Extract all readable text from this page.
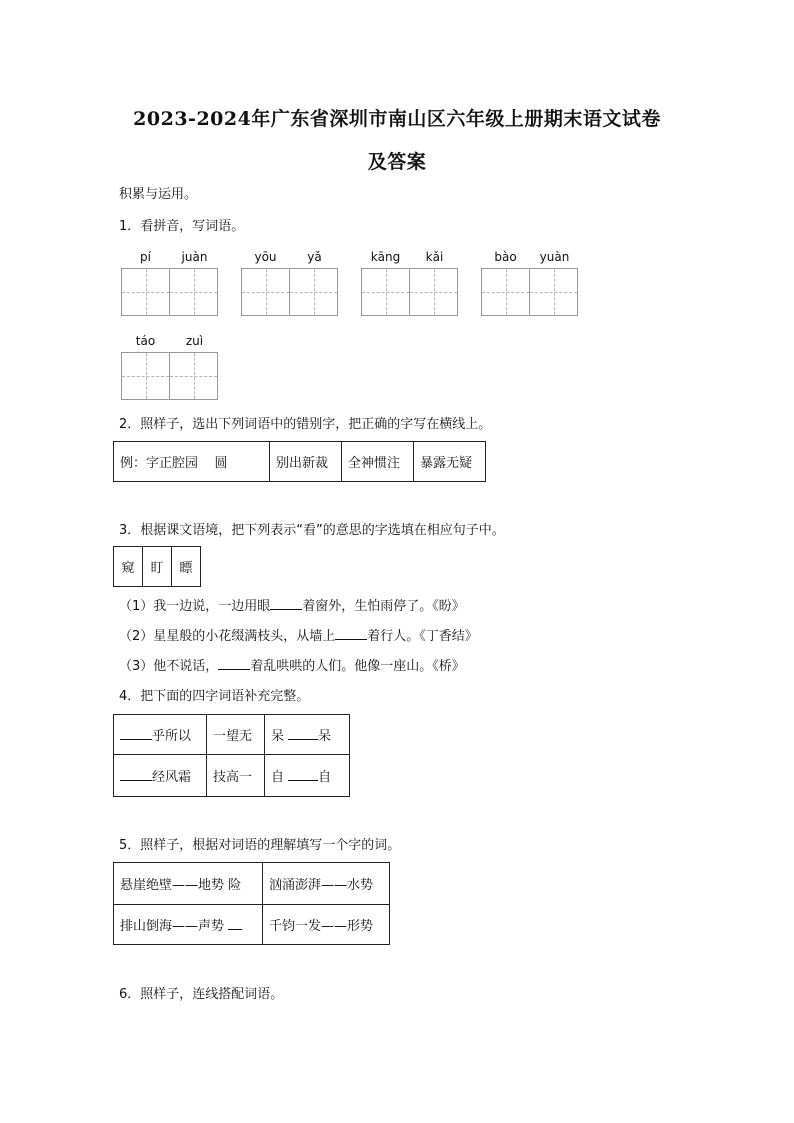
2023-2024年广东省深圳市南山区六年级上册期末语文试卷
及答案
积累与运用。
1．看拼音，写词语。
pí	juàn	yōu	yǎ	kāng	kǎi	bào	yuàn
táo	zuì
2．照样子，选出下列词语中的错别字，把正确的字写在横线上。
例：字正腔园 圆	别出新裁	全神惯注	暴露无疑
3．根据课文语境，把下列表示“看”的意思的字选填在相应句子中。
窥	盯	瞟
（1）我一边说，一边用眼 着窗外，生怕雨停了。《盼》
（2）星星般的小花缀满枝头，从墙上 着行人。《丁香结》
（3）他不说话， 着乱哄哄的人们。他像一座山。《桥》
4．把下面的四字词语补充完整。
乎所以	一望无	呆 呆
经风霜	技高一	自 自
5．照样子，根据对词语的理解填写一个字的词。
悬崖绝壁——地势 险	汹涌澎湃——水势
排山倒海——声势	千钧一发——形势
6．照样子，连线搭配词语。
